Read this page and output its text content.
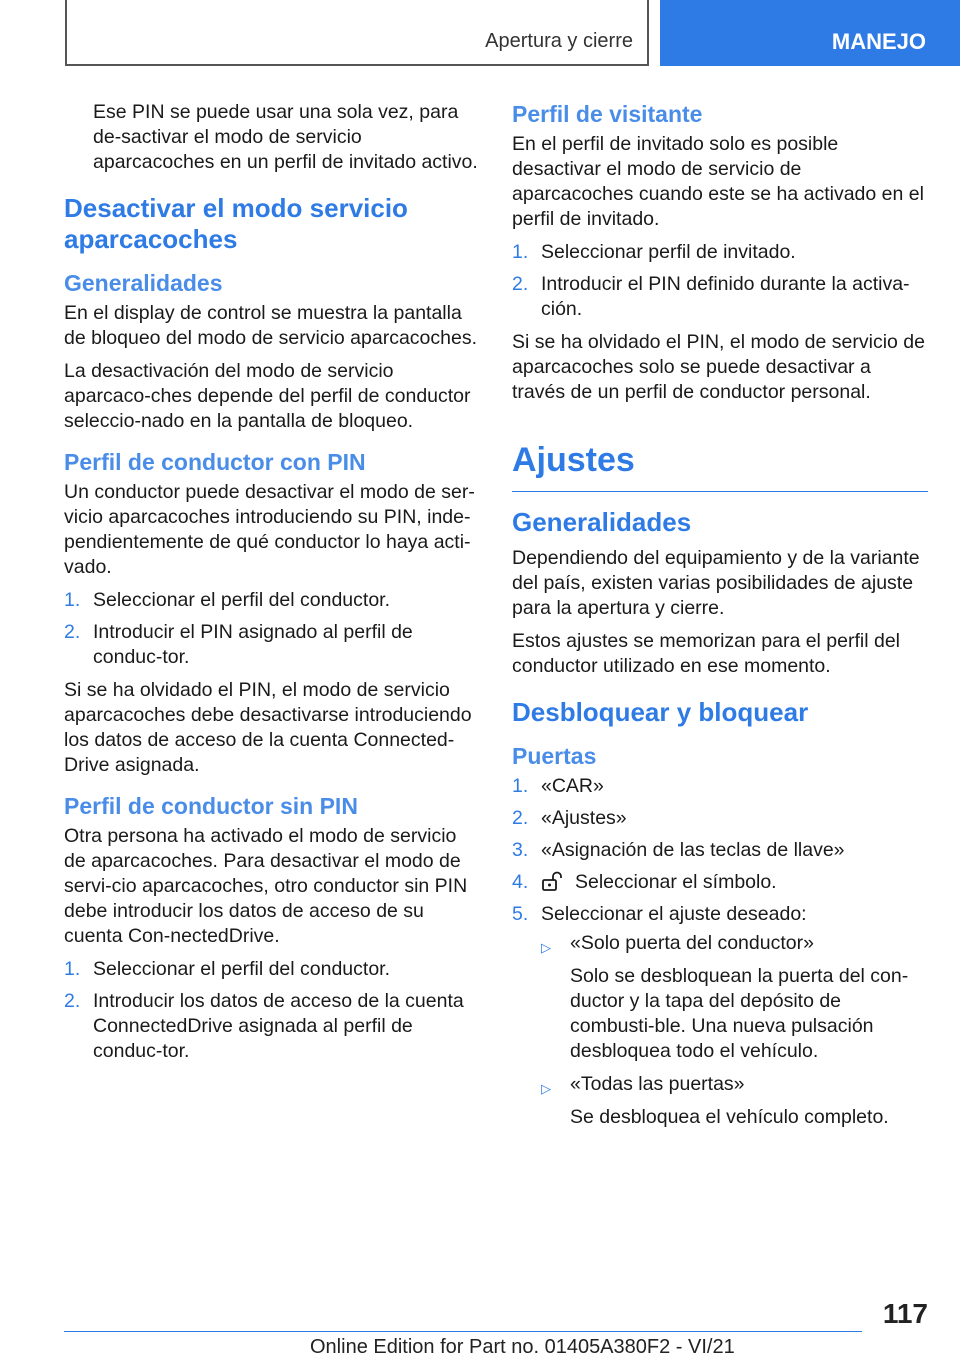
Apertura y cierre	MANEJO

Ese PIN se puede usar una sola vez, para de-sactivar el modo de servicio aparcacoches en un perfil de invitado activo.

Desactivar el modo servicio aparcacoches
Generalidades

En el display de control se muestra la pantalla de bloqueo del modo de servicio aparcacoches.

La desactivación del modo de servicio aparcaco-ches depende del perfil de conductor seleccio-nado en la pantalla de bloqueo.

Perfil de conductor con PIN

Un conductor puede desactivar el modo de ser-vicio aparcacoches introduciendo su PIN, inde-pendientemente de qué conductor lo haya acti-vado.

1. Seleccionar el perfil del conductor.
2. Introducir el PIN asignado al perfil de conduc-tor.

Si se ha olvidado el PIN, el modo de servicio aparcacoches debe desactivarse introduciendo los datos de acceso de la cuenta Connected-Drive asignada.

Perfil de conductor sin PIN

Otra persona ha activado el modo de servicio de aparcacoches. Para desactivar el modo de servi-cio aparcacoches, otro conductor sin PIN debe introducir los datos de acceso de su cuenta Con-nectedDrive.

1. Seleccionar el perfil del conductor.
2. Introducir los datos de acceso de la cuenta ConnectedDrive asignada al perfil de conduc-tor.
Perfil de visitante

En el perfil de invitado solo es posible desactivar el modo de servicio de aparcacoches cuando este se ha activado en el perfil de invitado.

1. Seleccionar perfil de invitado.
2. Introducir el PIN definido durante la activa-ción.

Si se ha olvidado el PIN, el modo de servicio de aparcacoches solo se puede desactivar a través de un perfil de conductor personal.

Ajustes
Generalidades

Dependiendo del equipamiento y de la variante del país, existen varias posibilidades de ajuste para la apertura y cierre.

Estos ajustes se memorizan para el perfil del conductor utilizado en ese momento.

Desbloquear y bloquear
Puertas
1. «CAR»
2. «Ajustes»
3. «Asignación de las teclas de llave»
4.	Seleccionar el símbolo.
5. Seleccionar el ajuste deseado:
▷ «Solo puerta del conductor»
Solo se desbloquean la puerta del con-ductor y la tapa del depósito de combusti-ble. Una nueva pulsación desbloquea todo el vehículo.
▷ «Todas las puertas»
Se desbloquea el vehículo completo.
117
Online Edition for Part no. 01405A380F2 - VI/21
